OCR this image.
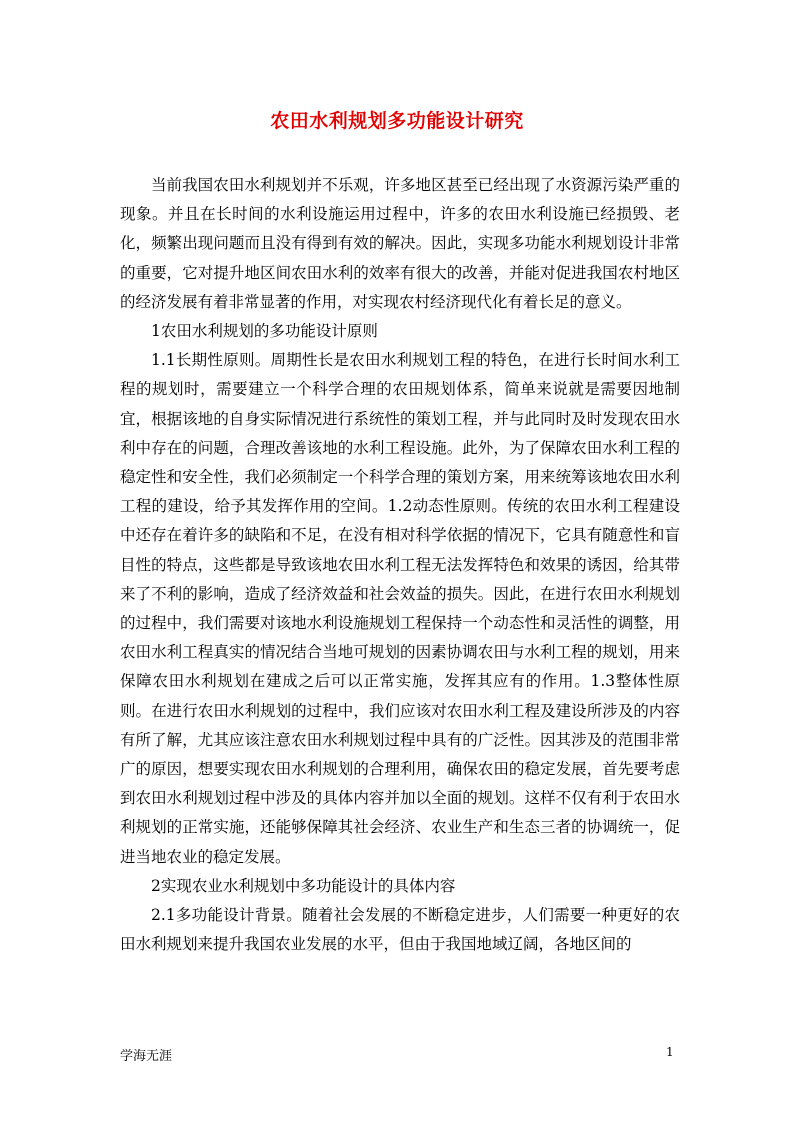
农田水利规划多功能设计研究

当前我国农田水利规划并不乐观，许多地区甚至已经出现了水资源污染严重的现象。并且在长时间的水利设施运用过程中，许多的农田水利设施已经损毁、老化，频繁出现问题而且没有得到有效的解决。因此，实现多功能水利规划设计非常的重要，它对提升地区间农田水利的效率有很大的改善，并能对促进我国农村地区的经济发展有着非常显著的作用，对实现农村经济现代化有着长足的意义。

1农田水利规划的多功能设计原则

1.1长期性原则。周期性长是农田水利规划工程的特色，在进行长时间水利工程的规划时，需要建立一个科学合理的农田规划体系，简单来说就是需要因地制宜，根据该地的自身实际情况进行系统性的策划工程，并与此同时及时发现农田水利中存在的问题，合理改善该地的水利工程设施。此外，为了保障农田水利工程的稳定性和安全性，我们必须制定一个科学合理的策划方案，用来统筹该地农田水利工程的建设，给予其发挥作用的空间。1.2动态性原则。传统的农田水利工程建设中还存在着许多的缺陷和不足，在没有相对科学依据的情况下，它具有随意性和盲目性的特点，这些都是导致该地农田水利工程无法发挥特色和效果的诱因，给其带来了不利的影响，造成了经济效益和社会效益的损失。因此，在进行农田水利规划的过程中，我们需要对该地水利设施规划工程保持一个动态性和灵活性的调整，用农田水利工程真实的情况结合当地可规划的因素协调农田与水利工程的规划，用来保障农田水利规划在建成之后可以正常实施，发挥其应有的作用。1.3整体性原则。在进行农田水利规划的过程中，我们应该对农田水利工程及建设所涉及的内容有所了解，尤其应该注意农田水利规划过程中具有的广泛性。因其涉及的范围非常广的原因，想要实现农田水利规划的合理利用，确保农田的稳定发展，首先要考虑到农田水利规划过程中涉及的具体内容并加以全面的规划。这样不仅有利于农田水利规划的正常实施，还能够保障其社会经济、农业生产和生态三者的协调统一，促进当地农业的稳定发展。

2实现农业水利规划中多功能设计的具体内容

2.1多功能设计背景。随着社会发展的不断稳定进步，人们需要一种更好的农田水利规划来提升我国农业发展的水平，但由于我国地域辽阔，各地区间的

学海无涯	1
